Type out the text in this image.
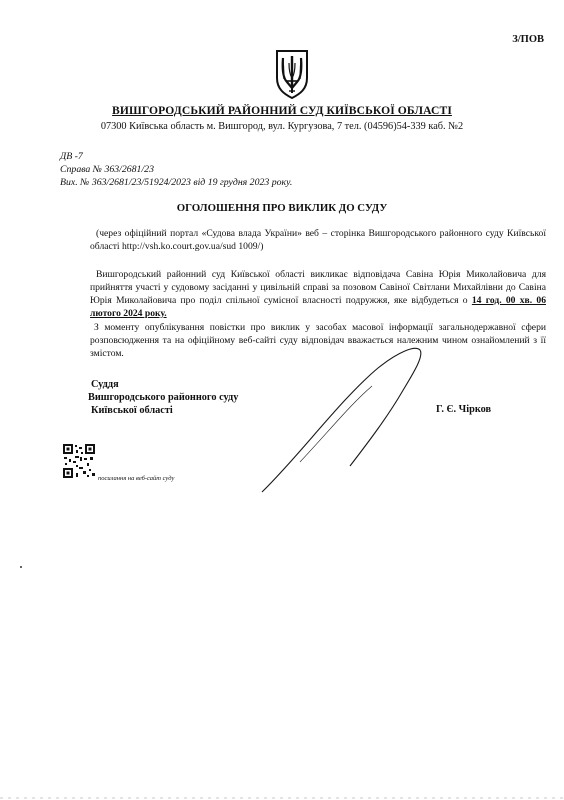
З/ПОВ
ВИШГОРОДСЬКИЙ РАЙОННИЙ СУД КИЇВСЬКОЇ ОБЛАСТІ
07300 Київська область м. Вишгород, вул. Кургузова, 7 тел. (04596)54-339 каб. №2
ДВ -7
Справа № 363/2681/23
Вих. № 363/2681/23/51924/2023 від 19 грудня 2023 року.
ОГОЛОШЕННЯ ПРО ВИКЛИК ДО СУДУ
(через офіційний портал «Судова влада України» веб – сторінка Вишгородського районного суду Київської області http://vsh.ko.court.gov.ua/sud 1009/)
Вишгородський районний суд Київської області викликає відповідача Савіна Юрія Миколайовича для прийняття участі у судовому засіданні у цивільній справі за позовом Савіної Світлани Михайлівни до Савіна Юрія Миколайовича про поділ спільної сумісної власності подружжя, яке відбудеться о 14 год. 00 хв. 06 лютого 2024 року.
З моменту опублікування повістки про виклик у засобах масової інформації загальнодержавної сфери розповсюдження та на офіційному веб-сайті суду відповідач вважається належним чином ознайомлений з її змістом.
Суддя
Вишгородського районного суду
Київської області	Г. Є. Чірков
посилання на веб-сайт суду
